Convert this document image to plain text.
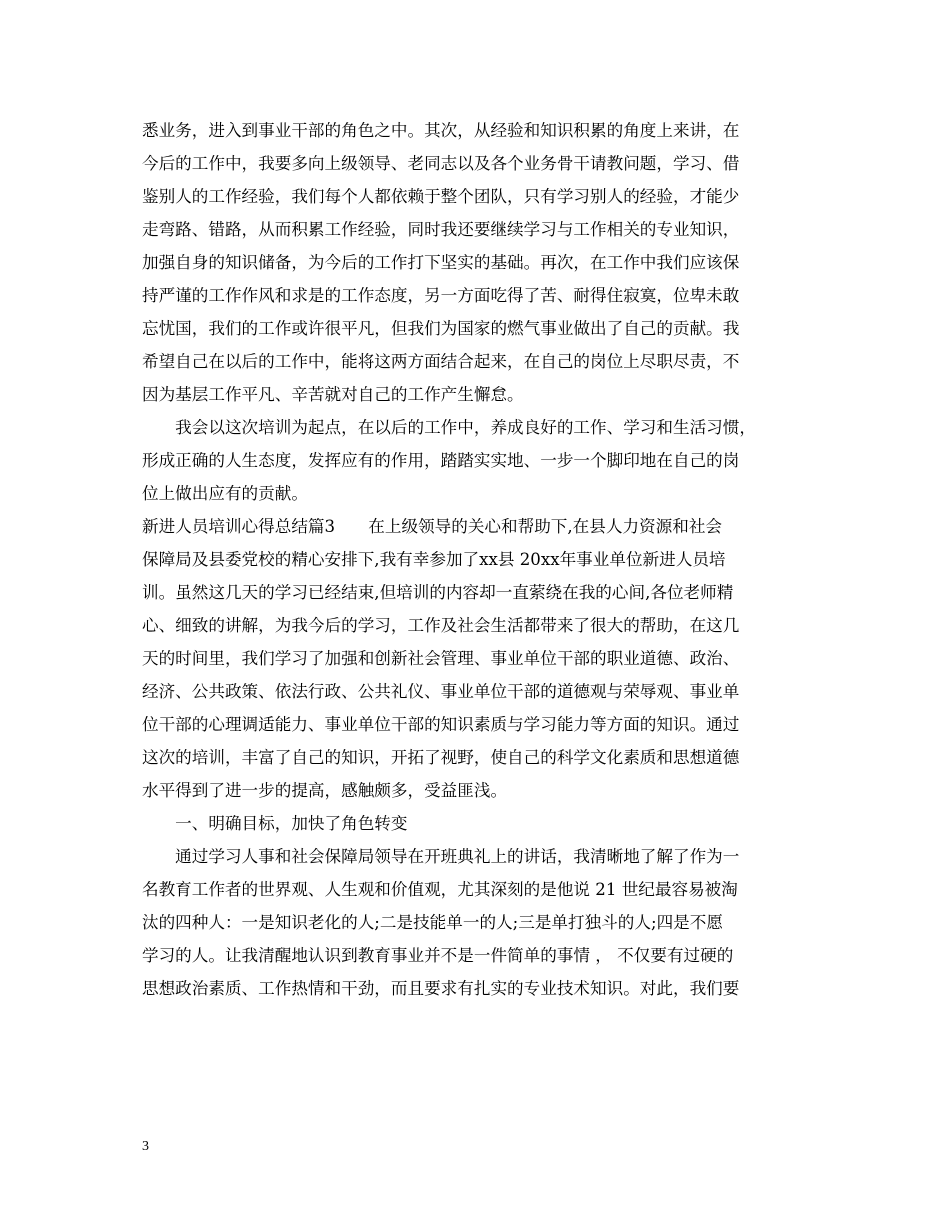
悉业务，进入到事业干部的角色之中。其次，从经验和知识积累的角度上来讲，在
今后的工作中，我要多向上级领导、老同志以及各个业务骨干请教问题，学习、借
鉴别人的工作经验，我们每个人都依赖于整个团队，只有学习别人的经验，才能少
走弯路、错路，从而积累工作经验，同时我还要继续学习与工作相关的专业知识，
加强自身的知识储备，为今后的工作打下坚实的基础。再次，在工作中我们应该保
持严谨的工作作风和求是的工作态度，另一方面吃得了苦、耐得住寂寞，位卑未敢
忘忧国，我们的工作或许很平凡，但我们为国家的燃气事业做出了自己的贡献。我
希望自己在以后的工作中，能将这两方面结合起来，在自己的岗位上尽职尽责，不
因为基层工作平凡、辛苦就对自己的工作产生懈怠。
　　我会以这次培训为起点，在以后的工作中，养成良好的工作、学习和生活习惯，
形成正确的人生态度，发挥应有的作用，踏踏实实地、一步一个脚印地在自己的岗
位上做出应有的贡献。
新进人员培训心得总结篇3　　在上级领导的关心和帮助下,在县人力资源和社会
保障局及县委党校的精心安排下,我有幸参加了xx县 20xx年事业单位新进人员培
训。虽然这几天的学习已经结束,但培训的内容却一直萦绕在我的心间,各位老师精
心、细致的讲解，为我今后的学习，工作及社会生活都带来了很大的帮助，在这几
天的时间里，我们学习了加强和创新社会管理、事业单位干部的职业道德、政治、
经济、公共政策、依法行政、公共礼仪、事业单位干部的道德观与荣辱观、事业单
位干部的心理调适能力、事业单位干部的知识素质与学习能力等方面的知识。通过
这次的培训，丰富了自己的知识，开拓了视野，使自己的科学文化素质和思想道德
水平得到了进一步的提高，感触颇多，受益匪浅。
　　一、明确目标，加快了角色转变
　　通过学习人事和社会保障局领导在开班典礼上的讲话，我清晰地了解了作为一
名教育工作者的世界观、人生观和价值观，尤其深刻的是他说 21 世纪最容易被淘
汰的四种人：一是知识老化的人;二是技能单一的人;三是单打独斗的人;四是不愿
学习的人。让我清醒地认识到教育事业并不是一件简单的事情 ， 不仅要有过硬的
思想政治素质、工作热情和干劲，而且要求有扎实的专业技术知识。对此，我们要
3
